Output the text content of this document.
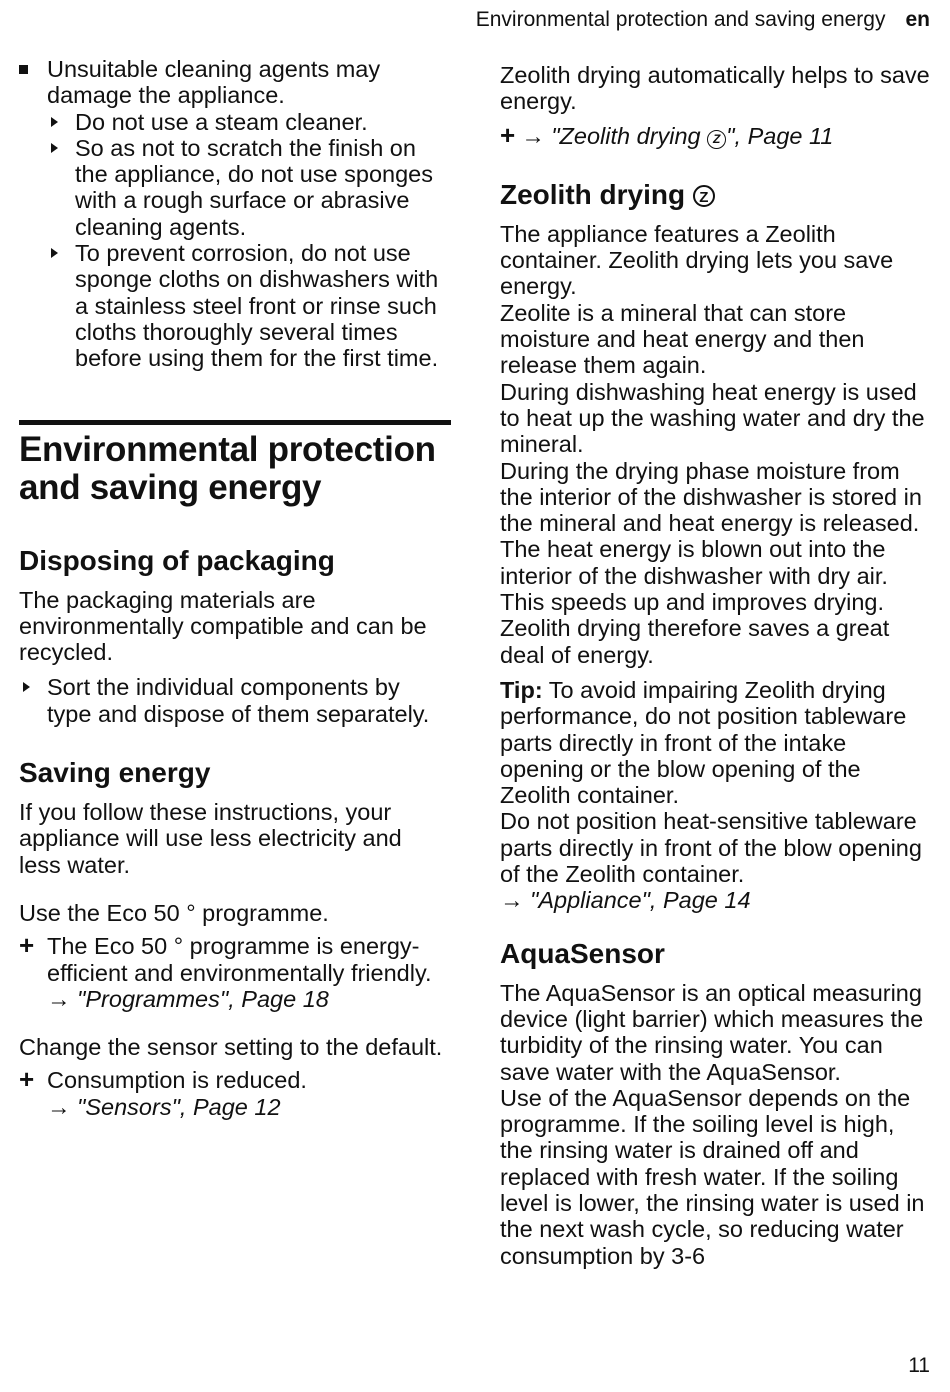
Environmental protection and saving energy en

Unsuitable cleaning agents may damage the appliance.

Do not use a steam cleaner.

So as not to scratch the finish on the appliance, do not use sponges with a rough surface or abrasive cleaning agents.

To prevent corrosion, do not use sponge cloths on dishwashers with a stainless steel front or rinse such cloths thoroughly several times before using them for the first time.

Environmental protection
and saving energy
Disposing of packaging

The packaging materials are environmentally compatible and can be recycled.

Sort the individual components by type and dispose of them separately.

Saving energy

If you follow these instructions, your appliance will use less electricity and less water.

Use the Eco 50 ° programme.

+ The Eco 50 ° programme is energy-efficient and environmentally friendly.

→ "Programmes", Page 18

Change the sensor setting to the default.

+ Consumption is reduced.

→ "Sensors", Page 12

Zeolith drying automatically helps to save energy.

+ → "Zeolith drying Z ", Page 11

Zeolith drying Z

The appliance features a Zeolith container. Zeolith drying lets you save energy.

Zeolite is a mineral that can store moisture and heat energy and then release them again.

During dishwashing heat energy is used to heat up the washing water and dry the mineral.

During the drying phase moisture from the interior of the dishwasher is stored in the mineral and heat energy is released. The heat energy is blown out into the interior of the dishwasher with dry air. This speeds up and improves drying.

Zeolith drying therefore saves a great deal of energy.

Tip: To avoid impairing Zeolith drying performance, do not position tableware parts directly in front of the intake opening or the blow opening of the Zeolith container.

Do not position heat-sensitive tableware parts directly in front of the blow opening of the Zeolith container.

→ "Appliance", Page 14

AquaSensor

The AquaSensor is an optical measuring device (light barrier) which measures the turbidity of the rinsing water. You can save water with the AquaSensor.

Use of the AquaSensor depends on the programme. If the soiling level is high, the rinsing water is drained off and replaced with fresh water. If the soiling level is lower, the rinsing water is used in the next wash cycle, so reducing water consumption by 3-6

11
